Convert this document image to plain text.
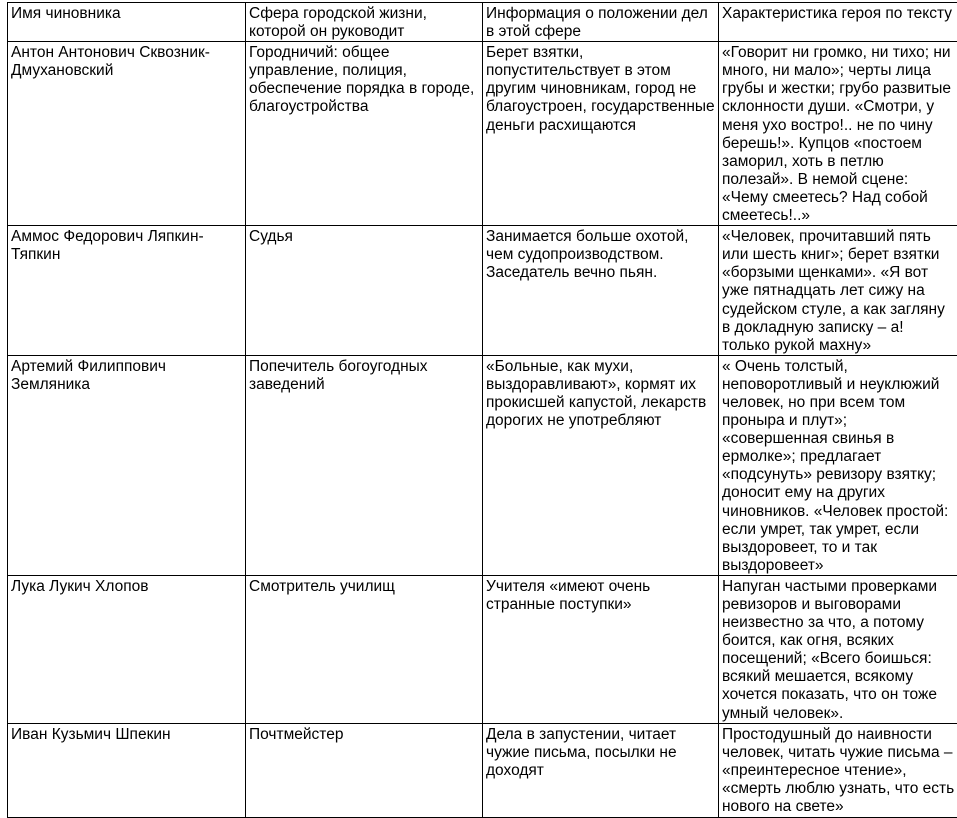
Имя чиновника	Сфера городской жизни, которой он руководит	Информация о положении дел в этой сфере	Характеристика героя по тексту
Антон Антонович Сквозник-Дмухановский	Городничий: общее управление, полиция, обеспечение порядка в городе, благоустройства	Берет взятки, попустительствует в этом другим чиновникам, город не благоустроен, государственные деньги расхищаются	«Говорит ни громко, ни тихо; ни много, ни мало»; черты лица грубы и жестки; грубо развитые склонности души. «Смотри, у меня ухо востро!.. не по чину берешь!». Купцов «постоем заморил, хоть в петлю полезай». В немой сцене: «Чему смеетесь? Над собой смеетесь!..»
Аммос Федорович Ляпкин-Тяпкин	Судья	Занимается больше охотой, чем судопроизводством. Заседатель вечно пьян.	«Человек, прочитавший пять или шесть книг»; берет взятки «борзыми щенками». «Я вот уже пятнадцать лет сижу на судейском стуле, а как загляну в докладную записку – а! только рукой махну»
Артемий Филиппович Земляника	Попечитель богоугодных заведений	«Больные, как мухи, выздоравливают», кормят их прокисшей капустой, лекарств дорогих не употребляют	« Очень толстый, неповоротливый и неуклюжий человек, но при всем том проныра и плут»; «совершенная свинья в ермолке»; предлагает «подсунуть» ревизору взятку; доносит ему на других чиновников. «Человек простой: если умрет, так умрет, если выздоровеет, то и так выздоровеет»
Лука Лукич Хлопов	Смотритель училищ	Учителя «имеют очень странные поступки»	Напуган частыми проверками ревизоров и выговорами неизвестно за что, а потому боится, как огня, всяких посещений; «Всего боишься: всякий мешается, всякому хочется показать, что он тоже умный человек».
Иван Кузьмич Шпекин	Почтмейстер	Дела в запустении, читает чужие письма, посылки не доходят	Простодушный до наивности человек, читать чужие письма – «преинтересное чтение», «смерть люблю узнать, что есть нового на свете»
